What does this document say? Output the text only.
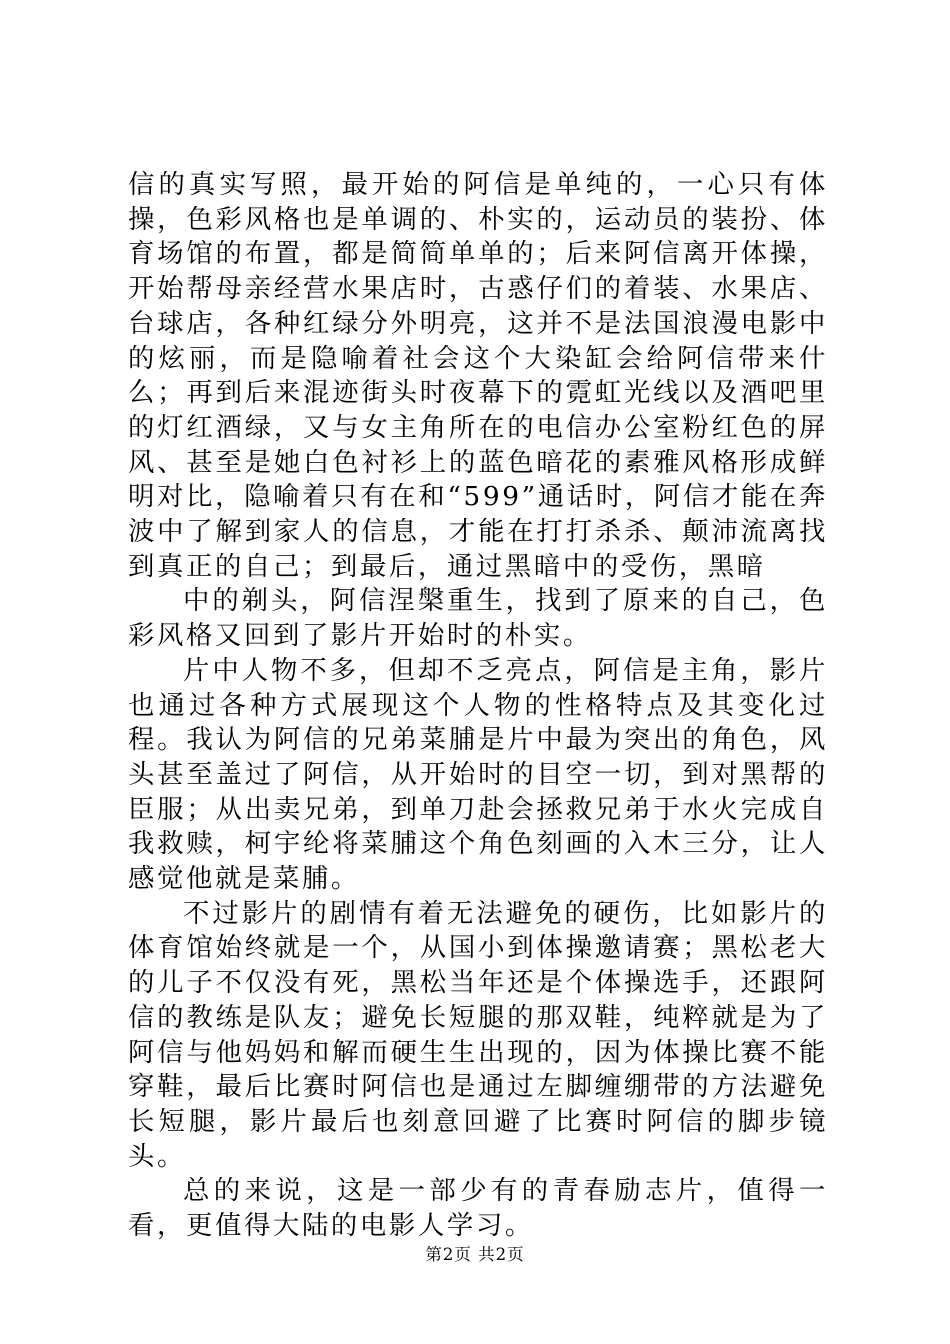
信的真实写照，最开始的阿信是单纯的，一心只有体操，色彩风格也是单调的、朴实的，运动员的装扮、体育场馆的布置，都是简简单单的；后来阿信离开体操，开始帮母亲经营水果店时，古惑仔们的着装、水果店、台球店，各种红绿分外明亮，这并不是法国浪漫电影中的炫丽，而是隐喻着社会这个大染缸会给阿信带来什么；再到后来混迹街头时夜幕下的霓虹光线以及酒吧里的灯红酒绿，又与女主角所在的电信办公室粉红色的屏风、甚至是她白色衬衫上的蓝色暗花的素雅风格形成鲜明对比，隐喻着只有在和“599”通话时，阿信才能在奔波中了解到家人的信息，才能在打打杀杀、颠沛流离找到真正的自己；到最后，通过黑暗中的受伤，黑暗

中的剃头，阿信涅槃重生，找到了原来的自己，色彩风格又回到了影片开始时的朴实。

片中人物不多，但却不乏亮点，阿信是主角，影片也通过各种方式展现这个人物的性格特点及其变化过程。我认为阿信的兄弟菜脯是片中最为突出的角色，风头甚至盖过了阿信，从开始时的目空一切，到对黑帮的臣服；从出卖兄弟，到单刀赴会拯救兄弟于水火完成自我救赎，柯宇纶将菜脯这个角色刻画的入木三分，让人感觉他就是菜脯。

不过影片的剧情有着无法避免的硬伤，比如影片的体育馆始终就是一个，从国小到体操邀请赛；黑松老大的儿子不仅没有死，黑松当年还是个体操选手，还跟阿信的教练是队友；避免长短腿的那双鞋，纯粹就是为了阿信与他妈妈和解而硬生生出现的，因为体操比赛不能穿鞋，最后比赛时阿信也是通过左脚缠绷带的方法避免长短腿，影片最后也刻意回避了比赛时阿信的脚步镜头。

总的来说，这是一部少有的青春励志片，值得一看，更值得大陆的电影人学习。

第2页 共2页
